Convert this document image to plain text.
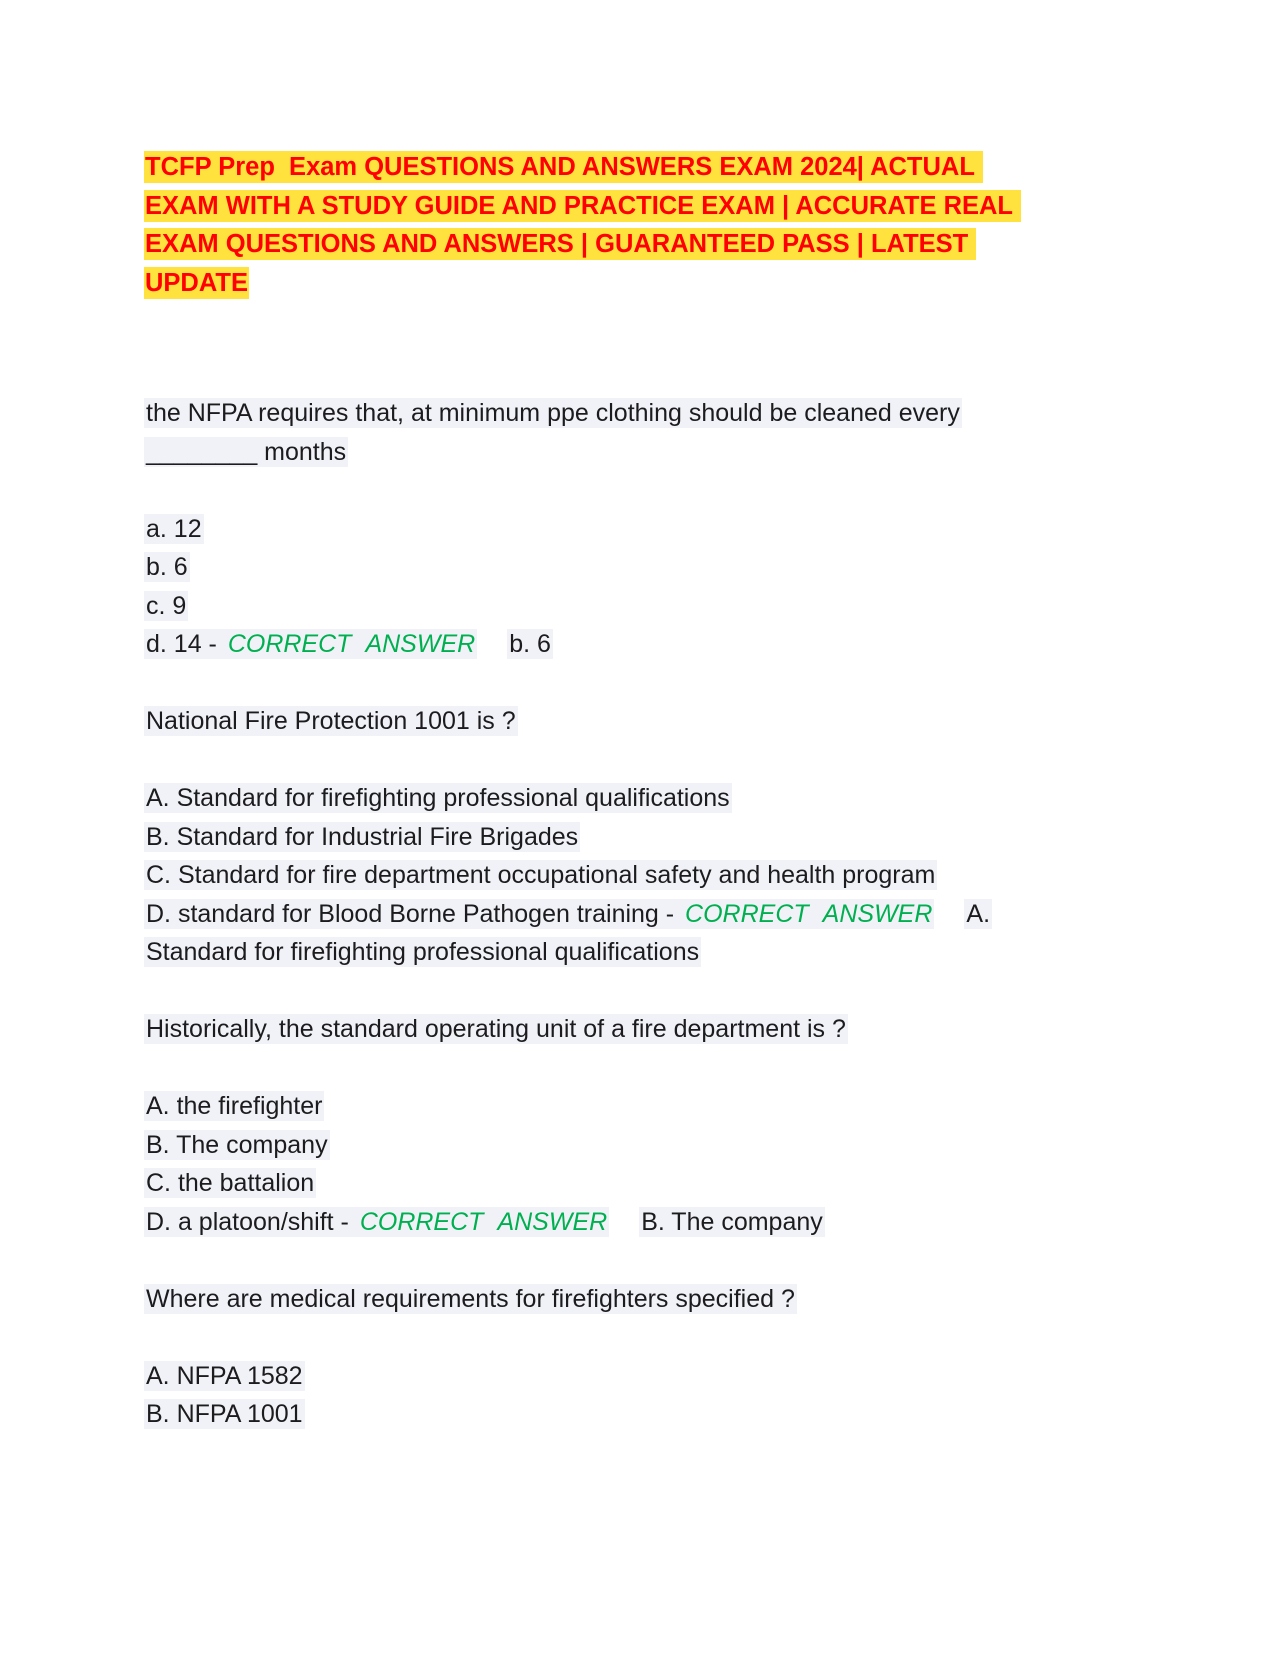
TCFP Prep  Exam QUESTIONS AND ANSWERS EXAM 2024| ACTUAL EXAM WITH A STUDY GUIDE AND PRACTICE EXAM | ACCURATE REAL EXAM QUESTIONS AND ANSWERS | GUARANTEED PASS | LATEST UPDATE

the NFPA requires that, at minimum ppe clothing should be cleaned every ________ months

a. 12

b. 6

c. 9

d. 14 - CORRECT ANSWER b. 6

National Fire Protection 1001 is ?

A. Standard for firefighting professional qualifications

B. Standard for Industrial Fire Brigades

C. Standard for fire department occupational safety and health program

D. standard for Blood Borne Pathogen training - CORRECT ANSWER A. Standard for firefighting professional qualifications

Historically, the standard operating unit of a fire department is ?

A. the firefighter

B. The company

C. the battalion

D. a platoon/shift - CORRECT ANSWER B. The company

Where are medical requirements for firefighters specified ?

A. NFPA 1582

B. NFPA 1001
